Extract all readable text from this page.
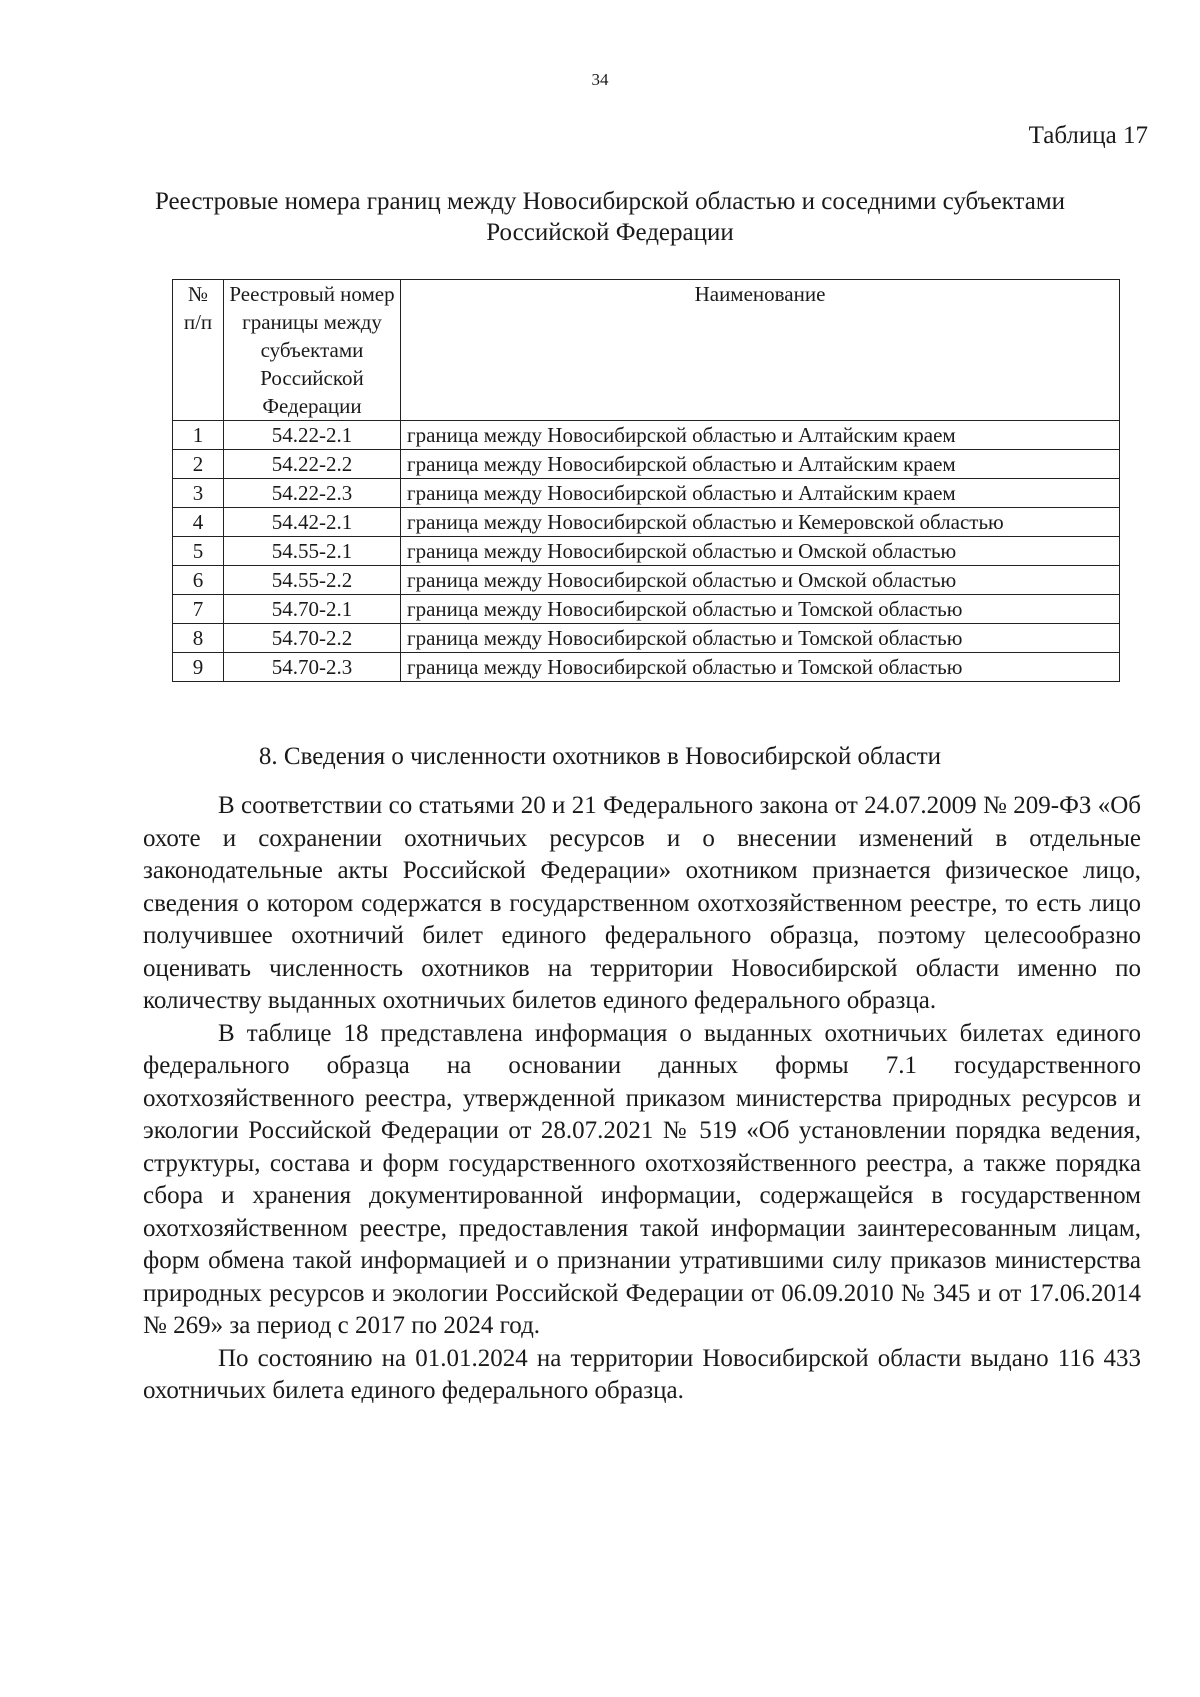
34
Таблица 17
Реестровые номера границ между Новосибирской областью и соседними субъектами Российской Федерации
№ п/п	Реестровый номер границы между субъектами Российской Федерации	Наименование
1	54.22-2.1	граница между Новосибирской областью и Алтайским краем
2	54.22-2.2	граница между Новосибирской областью и Алтайским краем
3	54.22-2.3	граница между Новосибирской областью и Алтайским краем
4	54.42-2.1	граница между Новосибирской областью и Кемеровской областью
5	54.55-2.1	граница между Новосибирской областью и Омской областью
6	54.55-2.2	граница между Новосибирской областью и Омской областью
7	54.70-2.1	граница между Новосибирской областью и Томской областью
8	54.70-2.2	граница между Новосибирской областью и Томской областью
9	54.70-2.3	граница между Новосибирской областью и Томской областью
8. Сведения о численности охотников в Новосибирской области

В соответствии со статьями 20 и 21 Федерального закона от 24.07.2009 № 209-ФЗ «Об охоте и сохранении охотничьих ресурсов и о внесении изменений в отдельные законодательные акты Российской Федерации» охотником признается физическое лицо, сведения о котором содержатся в государственном охотхозяйственном реестре, то есть лицо получившее охотничий билет единого федерального образца, поэтому целесообразно оценивать численность охотников на территории Новосибирской области именно по количеству выданных охотничьих билетов единого федерального образца.

В таблице 18 представлена информация о выданных охотничьих билетах единого федерального образца на основании данных формы 7.1 государственного охотхозяйственного реестра, утвержденной приказом министерства природных ресурсов и экологии Российской Федерации от 28.07.2021 № 519 «Об установлении порядка ведения, структуры, состава и форм государственного охотхозяйственного реестра, а также порядка сбора и хранения документированной информации, содержащейся в государственном охотхозяйственном реестре, предоставления такой информации заинтересованным лицам, форм обмена такой информацией и о признании утратившими силу приказов министерства природных ресурсов и экологии Российской Федерации от 06.09.2010 № 345 и от 17.06.2014 № 269» за период с 2017 по 2024 год.

По состоянию на 01.01.2024 на территории Новосибирской области выдано 116 433 охотничьих билета единого федерального образца.
